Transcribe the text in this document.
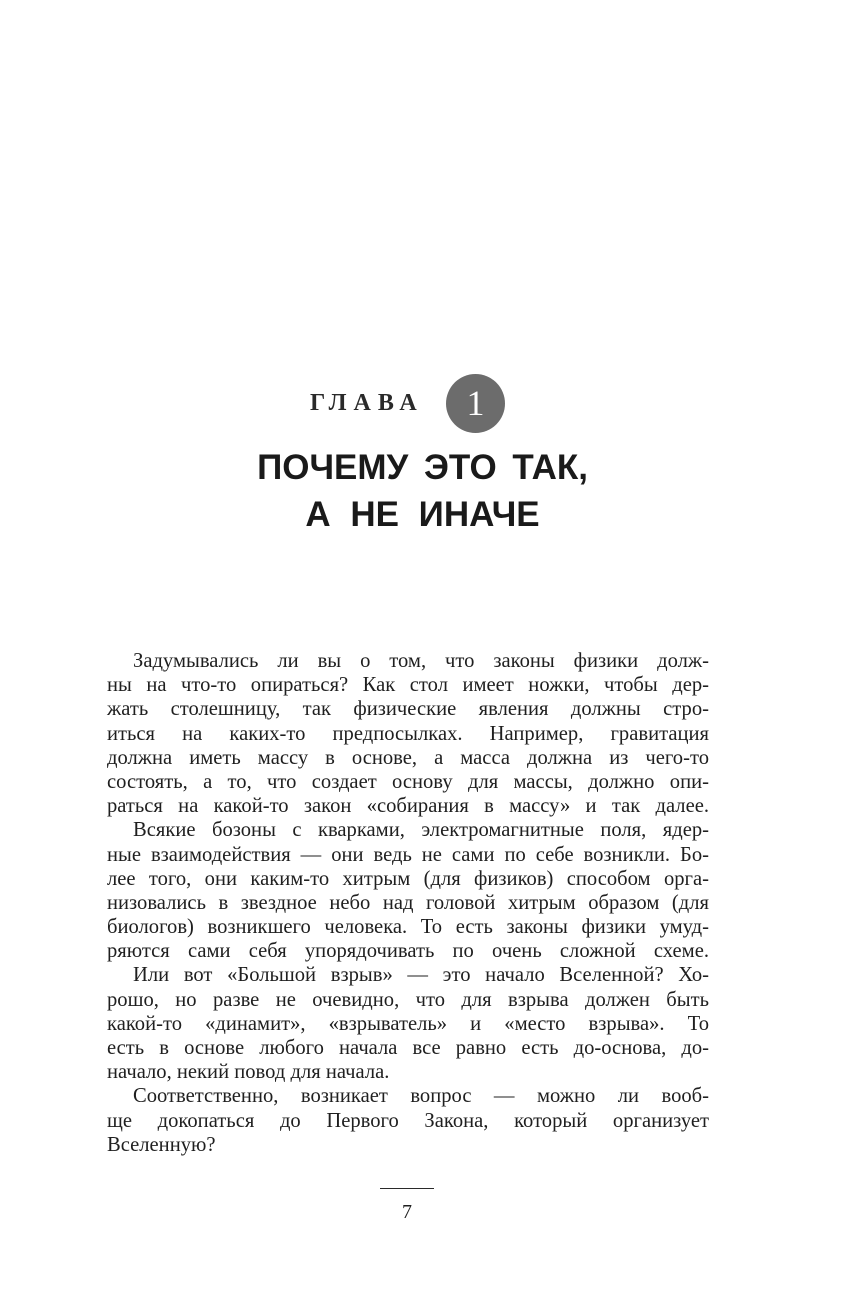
ГЛАВА	1
ПОЧЕМУ ЭТО ТАК,
А НЕ ИНАЧЕ
Задумывались ли вы о том, что законы физики долж-
ны на что-то опираться? Как стол имеет ножки, чтобы дер-
жать столешницу, так физические явления должны стро-
иться на каких-то предпосылках. Например, гравитация
должна иметь массу в основе, а масса должна из чего-то
состоять, а то, что создает основу для массы, должно опи-
раться на какой-то закон «собирания в массу» и так далее.
Всякие бозоны с кварками, электромагнитные поля, ядер-
ные взаимодействия — они ведь не сами по себе возникли. Бо-
лее того, они каким-то хитрым (для физиков) способом орга-
низовались в звездное небо над головой хитрым образом (для
биологов) возникшего человека. То есть законы физики умуд-
ряются сами себя упорядочивать по очень сложной схеме.
Или вот «Большой взрыв» — это начало Вселенной? Хо-
рошо, но разве не очевидно, что для взрыва должен быть
какой-то «динамит», «взрыватель» и «место взрыва». То
есть в основе любого начала все равно есть до-основа, до-
начало, некий повод для начала.
Соответственно, возникает вопрос — можно ли вооб-
ще докопаться до Первого Закона, который организует
Вселенную?
7
